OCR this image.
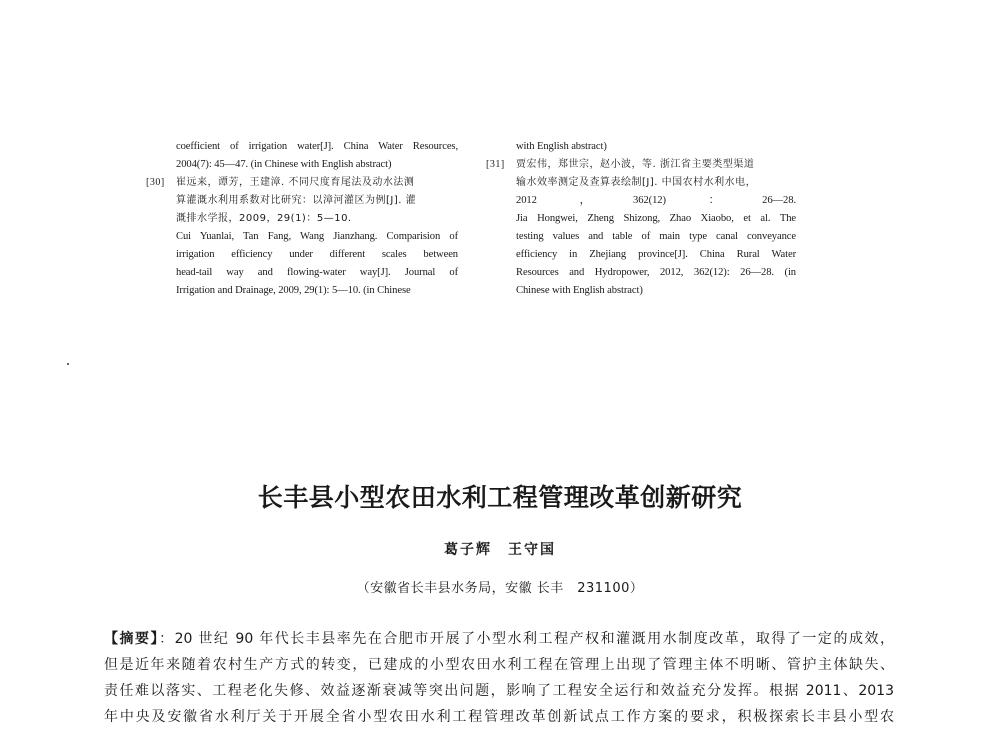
coefficient of irrigation water[J]. China Water Resources,
2004(7): 45—47. (in Chinese with English abstract)
[30] 崔远来，谭芳，王建漳. 不同尺度育尾法及动水法测
算灌溉水利用系数对比研究：以漳河灌区为例[J]. 灌
溉排水学报，2009，29(1)：5—10.
Cui Yuanlai, Tan Fang, Wang Jianzhang. Comparision of
irrigation efficiency under different scales between
head-tail way and flowing-water way[J]. Journal of
Irrigation and Drainage, 2009, 29(1): 5—10. (in Chinese
with English abstract)
[31] 贾宏伟，郑世宗，赵小波，等. 浙江省主要类型渠道
输水效率测定及查算表绘制[J]. 中国农村水利水电，
2012，362(12)：26—28.
Jia Hongwei, Zheng Shizong, Zhao Xiaobo, et al. The
testing values and table of main type canal conveyance
efficiency in Zhejiang province[J]. China Rural Water
Resources and Hydropower, 2012, 362(12): 26—28. (in
Chinese with English abstract)
长丰县小型农田水利工程管理改革创新研究
葛子辉　王守国
（安徽省长丰县水务局，安徽 长丰　231100）
【摘要】：20 世纪 90 年代长丰县率先在合肥市开展了小型水利工程产权和灌溉用水制度改革，取得了一定的成效，
但是近年来随着农村生产方式的转变，已建成的小型农田水利工程在管理上出现了管理主体不明晰、管护主体缺失、
责任难以落实、工程老化失修、效益逐渐衰减等突出问题，影响了工程安全运行和效益充分发挥。根据 2011、2013
年中央及安徽省水利厅关于开展全省小型农田水利工程管理改革创新试点工作方案的要求，积极探索长丰县小型农
